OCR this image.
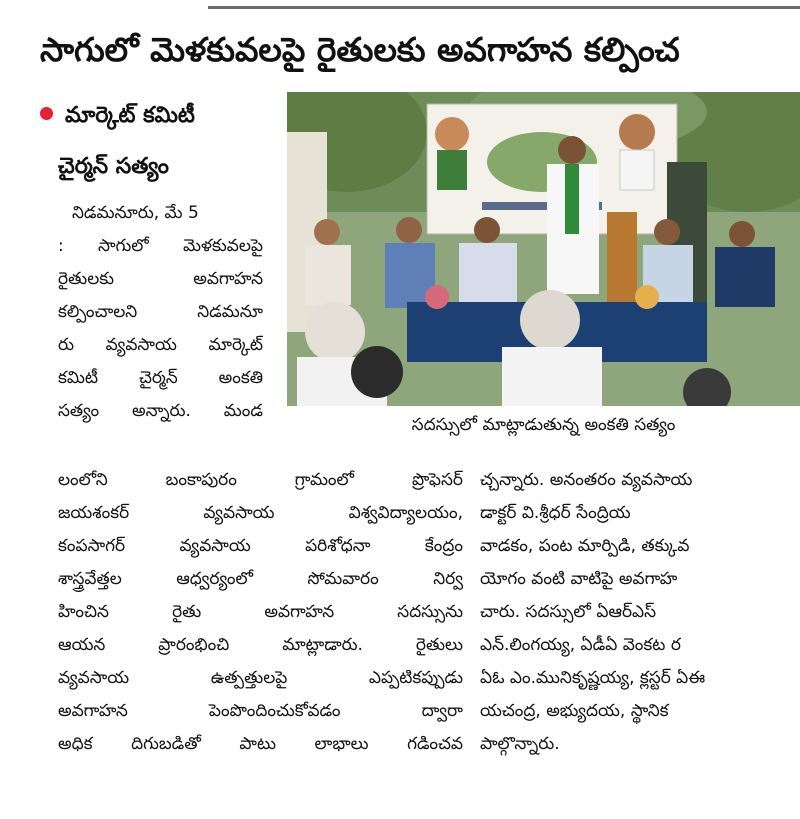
సాగులో మెళకువలపై రైతులకు అవగాహన కల్పించ
మార్కెట్ కమిటీ
చైర్మన్ సత్యం
నిడమనూరు, మే 5
: సాగులో మెళకువలపై
రైతులకు అవగాహన
కల్పించాలని నిడమనూ
రు వ్యవసాయ మార్కెట్
కమిటీ చైర్మన్ అంకతి
సత్యం అన్నారు. మండ
సదస్సులో మాట్లాడుతున్న అంకతి సత్యం
లంలోని బంకాపురం గ్రామంలో ప్రొఫెసర్
జయశంకర్ వ్యవసాయ విశ్వవిద్యాలయం,
కంపసాగర్ వ్యవసాయ పరిశోధనా కేంద్రం
శాస్త్రవేత్తల ఆధ్వర్యంలో సోమవారం నిర్వ
హించిన రైతు అవగాహన సదస్సును
ఆయన ప్రారంభించి మాట్లాడారు. రైతులు
వ్యవసాయ ఉత్పత్తులపై ఎప్పటికప్పుడు
అవగాహన పెంపొందించుకోవడం ద్వారా
అధిక దిగుబడితో పాటు లాభాలు గడించవ
చ్చన్నారు. అనంతరం వ్యవసాయ
డాక్టర్ వి.శ్రీధర్ సేంద్రియ
వాడకం, పంట మార్పిడి, తక్కువ
యోగం వంటి వాటిపై అవగాహ
చారు. సదస్సులో ఏఆర్ఎస్
ఎన్.లింగయ్య, ఏడీఏ వెంకట ర
ఏఓ ఎం.మునికృష్ణయ్య, క్లస్టర్ ఏఈ
యచంద్ర, అభ్యుదయ, స్థానిక
పాల్గొన్నారు.
